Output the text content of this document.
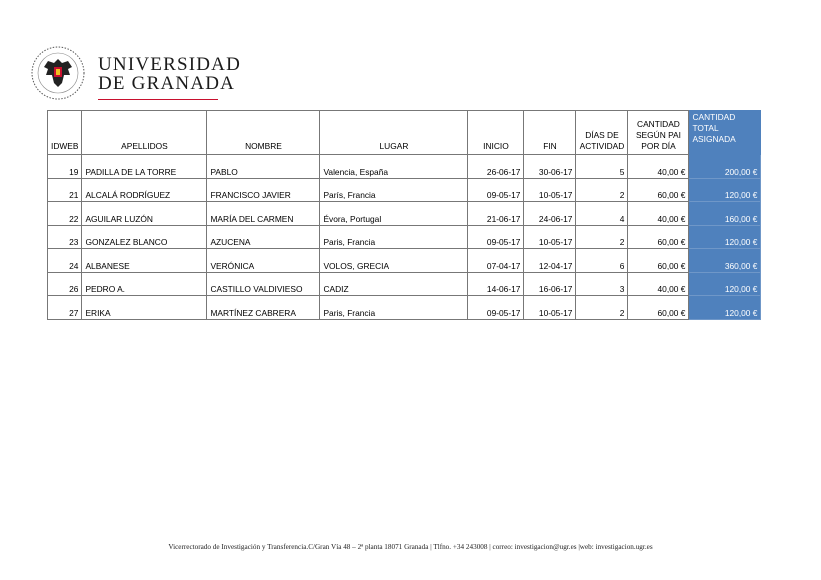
UNIVERSIDAD
DE GRANADA
IDWEB	APELLIDOS	NOMBRE	LUGAR	INICIO	FIN	DÍAS DE ACTIVIDAD	CANTIDAD SEGÚN PAI POR DÍA	CANTIDAD TOTAL ASIGNADA
19	PADILLA DE LA TORRE	PABLO	Valencia, España	26-06-17	30-06-17	5	40,00 €	200,00 €
21	ALCALÁ RODRÍGUEZ	FRANCISCO JAVIER	París, Francia	09-05-17	10-05-17	2	60,00 €	120,00 €
22	AGUILAR LUZÓN	MARÍA DEL CARMEN	Évora, Portugal	21-06-17	24-06-17	4	40,00 €	160,00 €
23	GONZALEZ BLANCO	AZUCENA	Paris, Francia	09-05-17	10-05-17	2	60,00 €	120,00 €
24	ALBANESE	VERÓNICA	VOLOS, GRECIA	07-04-17	12-04-17	6	60,00 €	360,00 €
26	PEDRO A.	CASTILLO VALDIVIESO	CADIZ	14-06-17	16-06-17	3	40,00 €	120,00 €
27	ERIKA	MARTÍNEZ CABRERA	Paris, Francia	09-05-17	10-05-17	2	60,00 €	120,00 €
Vicerrectorado de Investigación y Transferencia.C/Gran Vía 48 – 2ª planta 18071 Granada | Tlfno. +34 243008 | correo: investigacion@ugr.es |web: investigacion.ugr.es
